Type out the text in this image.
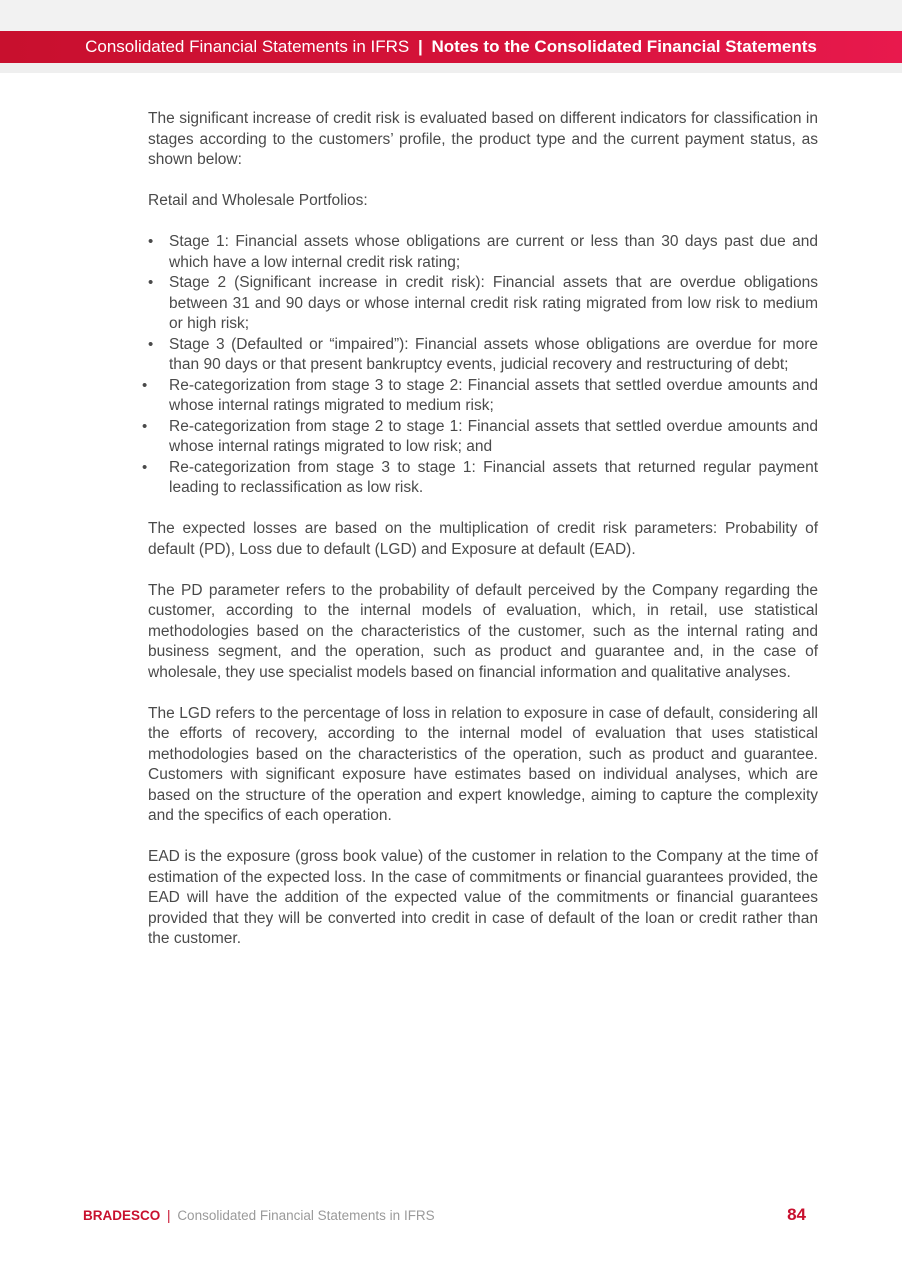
Consolidated Financial Statements in IFRS | Notes to the Consolidated Financial Statements

The significant increase of credit risk is evaluated based on different indicators for classification in stages according to the customers’ profile, the product type and the current payment status, as shown below:

Retail and Wholesale Portfolios:

• Stage 1: Financial assets whose obligations are current or less than 30 days past due and which have a low internal credit risk rating;
• Stage 2 (Significant increase in credit risk): Financial assets that are overdue obligations between 31 and 90 days or whose internal credit risk rating migrated from low risk to medium or high risk;
• Stage 3 (Defaulted or “impaired”): Financial assets whose obligations are overdue for more than 90 days or that present bankruptcy events, judicial recovery and restructuring of debt;
• Re-categorization from stage 3 to stage 2: Financial assets that settled overdue amounts and whose internal ratings migrated to medium risk;
• Re-categorization from stage 2 to stage 1: Financial assets that settled overdue amounts and whose internal ratings migrated to low risk; and
• Re-categorization from stage 3 to stage 1: Financial assets that returned regular payment leading to reclassification as low risk.

The expected losses are based on the multiplication of credit risk parameters: Probability of default (PD), Loss due to default (LGD) and Exposure at default (EAD).

The PD parameter refers to the probability of default perceived by the Company regarding the customer, according to the internal models of evaluation, which, in retail, use statistical methodologies based on the characteristics of the customer, such as the internal rating and business segment, and the operation, such as product and guarantee and, in the case of wholesale, they use specialist models based on financial information and qualitative analyses.

The LGD refers to the percentage of loss in relation to exposure in case of default, considering all the efforts of recovery, according to the internal model of evaluation that uses statistical methodologies based on the characteristics of the operation, such as product and guarantee. Customers with significant exposure have estimates based on individual analyses, which are based on the structure of the operation and expert knowledge, aiming to capture the complexity and the specifics of each operation.

EAD is the exposure (gross book value) of the customer in relation to the Company at the time of estimation of the expected loss. In the case of commitments or financial guarantees provided, the EAD will have the addition of the expected value of the commitments or financial guarantees provided that they will be converted into credit in case of default of the loan or credit rather than the customer.

BRADESCO | Consolidated Financial Statements in IFRS	84
